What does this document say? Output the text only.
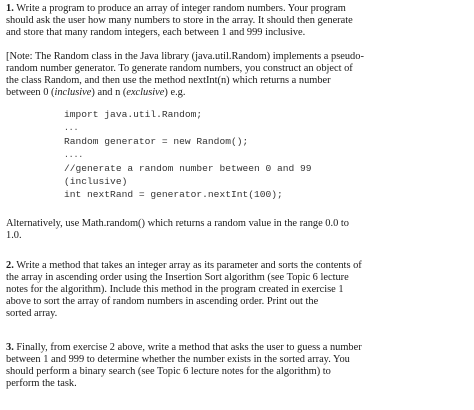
1. Write a program to produce an array of integer random numbers. Your program
should ask the user how many numbers to store in the array. It should then generate
and store that many random integers, each between 1 and 999 inclusive.
[Note: The Random class in the Java library (java.util.Random) implements a pseudo-
random number generator. To generate random numbers, you construct an object of
the class Random, and then use the method nextInt(n) which returns a number
between 0 (inclusive) and n (exclusive) e.g.
import java.util.Random;
...
Random generator = new Random();
....
//generate a random number between 0 and 99
(inclusive)
int nextRand = generator.nextInt(100);
Alternatively, use Math.random() which returns a random value in the range 0.0 to
1.0.
2. Write a method that takes an integer array as its parameter and sorts the contents of
the array in ascending order using the Insertion Sort algorithm (see Topic 6 lecture
notes for the algorithm). Include this method in the program created in exercise 1
above to sort the array of random numbers in ascending order. Print out the
sorted array.
3. Finally, from exercise 2 above, write a method that asks the user to guess a number
between 1 and 999 to determine whether the number exists in the sorted array. You
should perform a binary search (see Topic 6 lecture notes for the algorithm) to
perform the task.
